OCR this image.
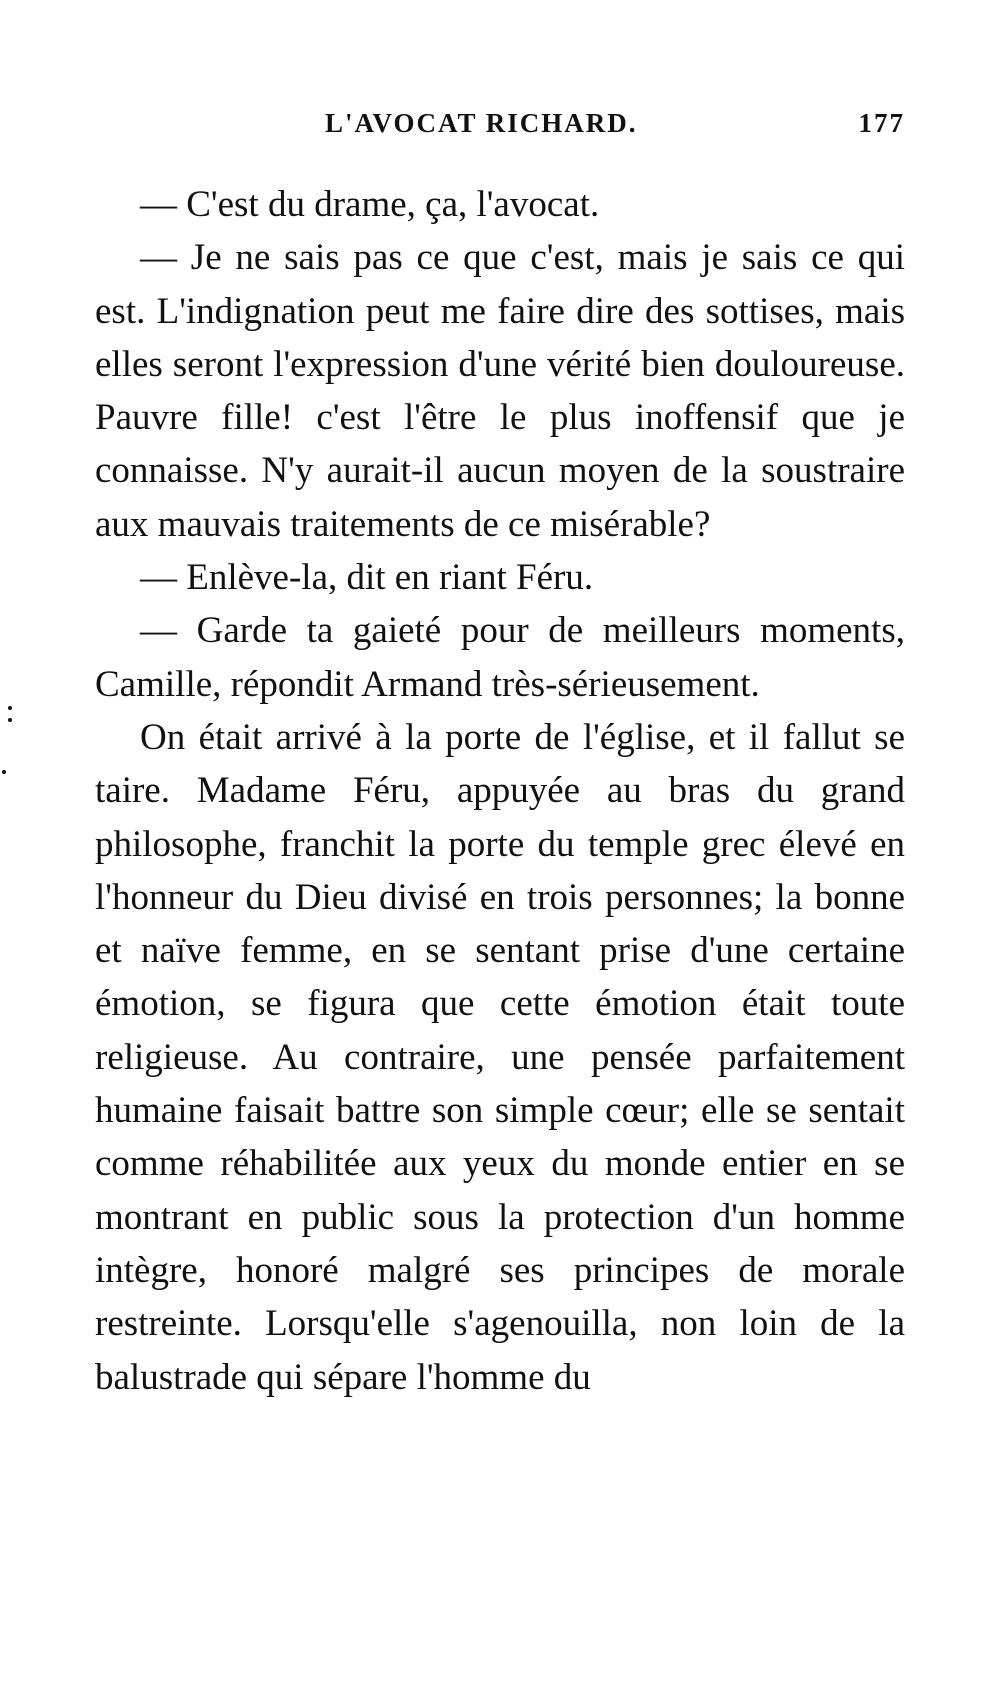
L'AVOCAT RICHARD.	177

— C'est du drame, ça, l'avocat.

— Je ne sais pas ce que c'est, mais je sais ce qui est. L'indignation peut me faire dire des sottises, mais elles seront l'expression d'une vérité bien douloureuse. Pauvre fille! c'est l'être le plus inoffensif que je connaisse. N'y aurait-il aucun moyen de la soustraire aux mauvais traitements de ce misérable?

— Enlève-la, dit en riant Féru.

— Garde ta gaieté pour de meilleurs moments, Camille, répondit Armand très-sérieusement.

On était arrivé à la porte de l'église, et il fallut se taire. Madame Féru, appuyée au bras du grand philosophe, franchit la porte du temple grec élevé en l'honneur du Dieu divisé en trois personnes; la bonne et naïve femme, en se sentant prise d'une certaine émotion, se figura que cette émotion était toute religieuse. Au contraire, une pensée parfaitement humaine faisait battre son simple cœur; elle se sentait comme réhabilitée aux yeux du monde entier en se montrant en public sous la protection d'un homme intègre, honoré malgré ses principes de morale restreinte. Lorsqu'elle s'agenouilla, non loin de la balustrade qui sépare l'homme du
